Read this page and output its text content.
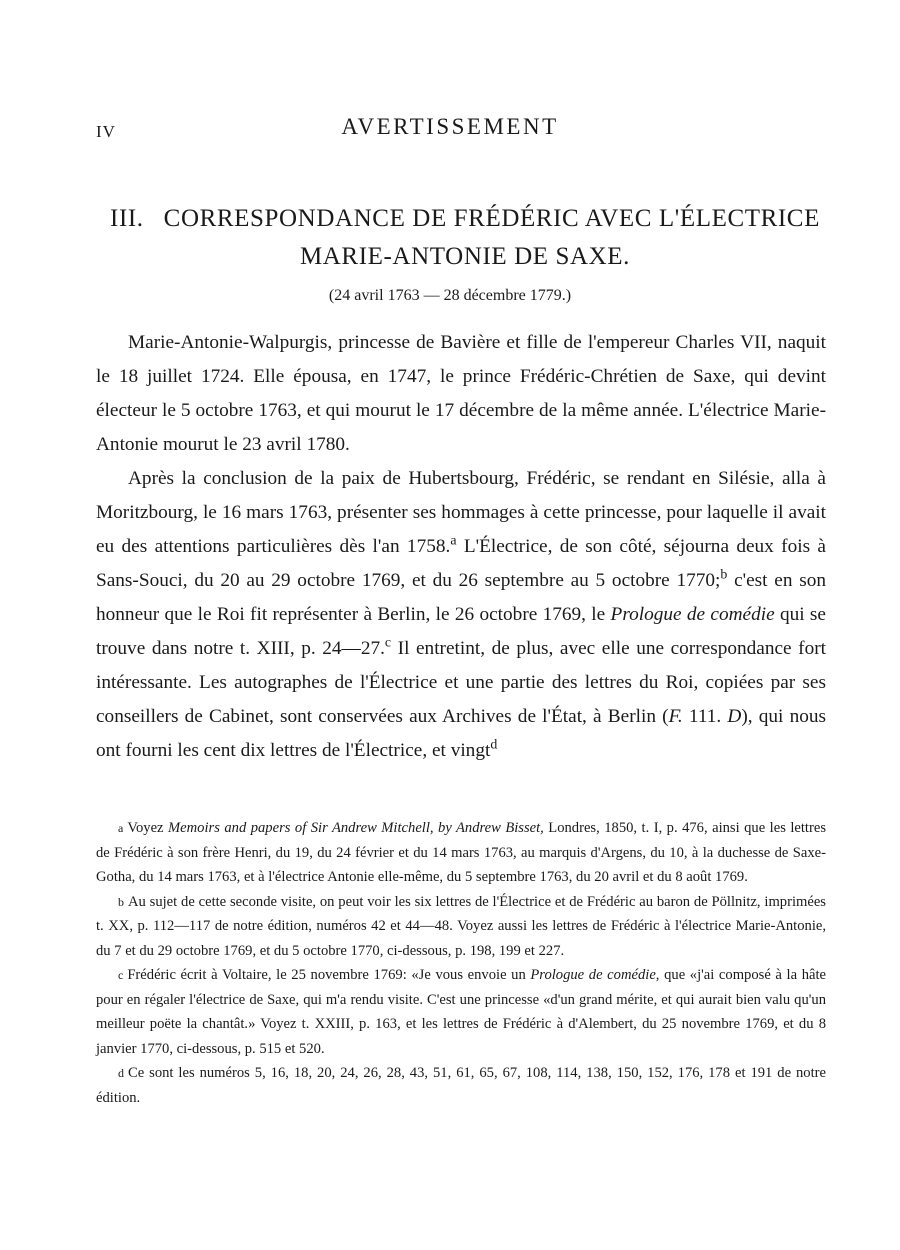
IV	AVERTISSEMENT
III. CORRESPONDANCE DE FRÉDÉRIC AVEC L'ÉLECTRICE
MARIE-ANTONIE DE SAXE.
(24 avril 1763 — 28 décembre 1779.)

Marie-Antonie-Walpurgis, princesse de Bavière et fille de l'empereur Charles VII, naquit le 18 juillet 1724. Elle épousa, en 1747, le prince Frédéric-Chrétien de Saxe, qui devint électeur le 5 octobre 1763, et qui mourut le 17 décembre de la même année. L'électrice Marie-Antonie mourut le 23 avril 1780.

Après la conclusion de la paix de Hubertsbourg, Frédéric, se rendant en Silésie, alla à Moritzbourg, le 16 mars 1763, présenter ses hommages à cette princesse, pour laquelle il avait eu des attentions particulières dès l'an 1758.$^a$ L'Électrice, de son côté, séjourna deux fois à Sans-Souci, du 20 au 29 octobre 1769, et du 26 septembre au 5 octobre 1770;$^b$ c'est en son honneur que le Roi fit représenter à Berlin, le 26 octobre 1769, le Prologue de comédie qui se trouve dans notre t. XIII, p. 24—27.$^c$ Il entretint, de plus, avec elle une correspondance fort intéressante. Les autographes de l'Électrice et une partie des lettres du Roi, copiées par ses conseillers de Cabinet, sont conservées aux Archives de l'État, à Berlin (F. 111. D), qui nous ont fourni les cent dix lettres de l'Électrice, et vingt$^d$

a Voyez Memoirs and papers of Sir Andrew Mitchell, by Andrew Bisset, Londres, 1850, t. I, p. 476, ainsi que les lettres de Frédéric à son frère Henri, du 19, du 24 février et du 14 mars 1763, au marquis d'Argens, du 10, à la duchesse de Saxe-Gotha, du 14 mars 1763, et à l'électrice Antonie elle-même, du 5 septembre 1763, du 20 avril et du 8 août 1769.

b Au sujet de cette seconde visite, on peut voir les six lettres de l'Électrice et de Frédéric au baron de Pöllnitz, imprimées t. XX, p. 112—117 de notre édition, numéros 42 et 44—48. Voyez aussi les lettres de Frédéric à l'électrice Marie-Antonie, du 7 et du 29 octobre 1769, et du 5 octobre 1770, ci-dessous, p. 198, 199 et 227.

c Frédéric écrit à Voltaire, le 25 novembre 1769: «Je vous envoie un Prologue de comédie, que «j'ai composé à la hâte pour en régaler l'électrice de Saxe, qui m'a rendu visite. C'est une princesse «d'un grand mérite, et qui aurait bien valu qu'un meilleur poëte la chantât.» Voyez t. XXIII, p. 163, et les lettres de Frédéric à d'Alembert, du 25 novembre 1769, et du 8 janvier 1770, ci-dessous, p. 515 et 520.

d Ce sont les numéros 5, 16, 18, 20, 24, 26, 28, 43, 51, 61, 65, 67, 108, 114, 138, 150, 152, 176, 178 et 191 de notre édition.
